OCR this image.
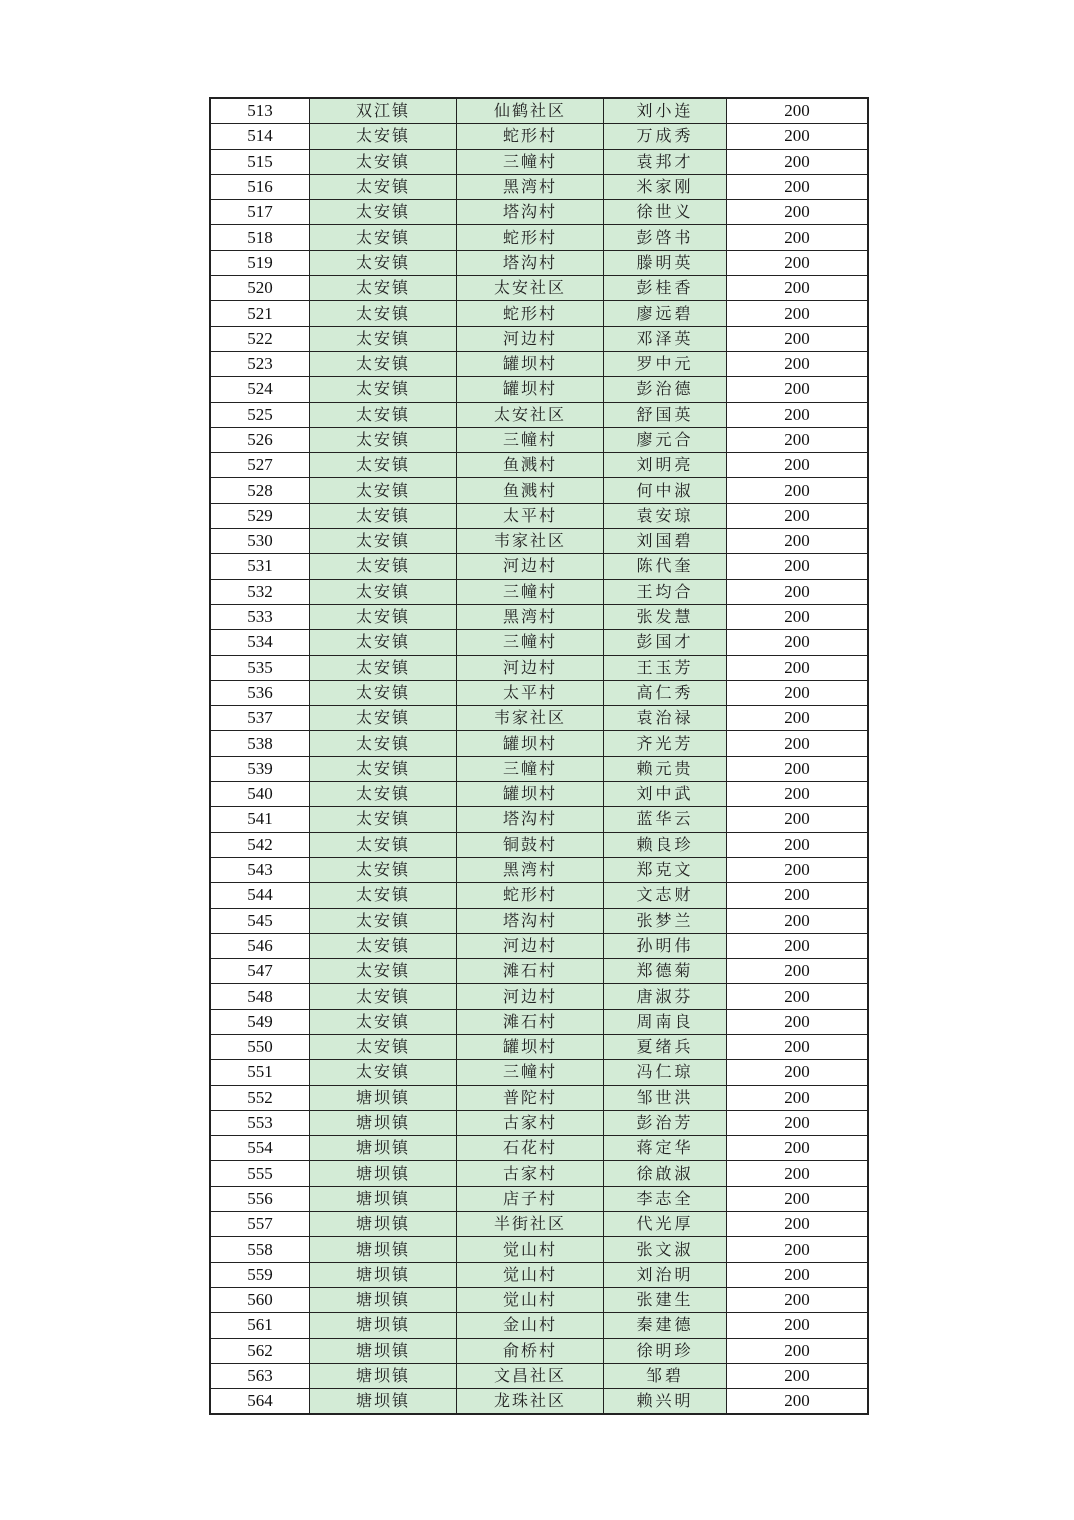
513	双江镇	仙鹤社区	刘小连	200
514	太安镇	蛇形村	万成秀	200
515	太安镇	三幢村	袁邦才	200
516	太安镇	黑湾村	米家刚	200
517	太安镇	塔沟村	徐世义	200
518	太安镇	蛇形村	彭啓书	200
519	太安镇	塔沟村	滕明英	200
520	太安镇	太安社区	彭桂香	200
521	太安镇	蛇形村	廖远碧	200
522	太安镇	河边村	邓泽英	200
523	太安镇	罐坝村	罗中元	200
524	太安镇	罐坝村	彭治德	200
525	太安镇	太安社区	舒国英	200
526	太安镇	三幢村	廖元合	200
527	太安镇	鱼溅村	刘明亮	200
528	太安镇	鱼溅村	何中淑	200
529	太安镇	太平村	袁安琼	200
530	太安镇	韦家社区	刘国碧	200
531	太安镇	河边村	陈代奎	200
532	太安镇	三幢村	王均合	200
533	太安镇	黑湾村	张发慧	200
534	太安镇	三幢村	彭国才	200
535	太安镇	河边村	王玉芳	200
536	太安镇	太平村	高仁秀	200
537	太安镇	韦家社区	袁治禄	200
538	太安镇	罐坝村	齐光芳	200
539	太安镇	三幢村	赖元贵	200
540	太安镇	罐坝村	刘中武	200
541	太安镇	塔沟村	蓝华云	200
542	太安镇	铜鼓村	赖良珍	200
543	太安镇	黑湾村	郑克文	200
544	太安镇	蛇形村	文志财	200
545	太安镇	塔沟村	张梦兰	200
546	太安镇	河边村	孙明伟	200
547	太安镇	滩石村	郑德菊	200
548	太安镇	河边村	唐淑芬	200
549	太安镇	滩石村	周南良	200
550	太安镇	罐坝村	夏绪兵	200
551	太安镇	三幢村	冯仁琼	200
552	塘坝镇	普陀村	邹世洪	200
553	塘坝镇	古家村	彭治芳	200
554	塘坝镇	石花村	蒋定华	200
555	塘坝镇	古家村	徐啟淑	200
556	塘坝镇	店子村	李志全	200
557	塘坝镇	半街社区	代光厚	200
558	塘坝镇	觉山村	张文淑	200
559	塘坝镇	觉山村	刘治明	200
560	塘坝镇	觉山村	张建生	200
561	塘坝镇	金山村	秦建德	200
562	塘坝镇	俞桥村	徐明珍	200
563	塘坝镇	文昌社区	邹碧	200
564	塘坝镇	龙珠社区	赖兴明	200
